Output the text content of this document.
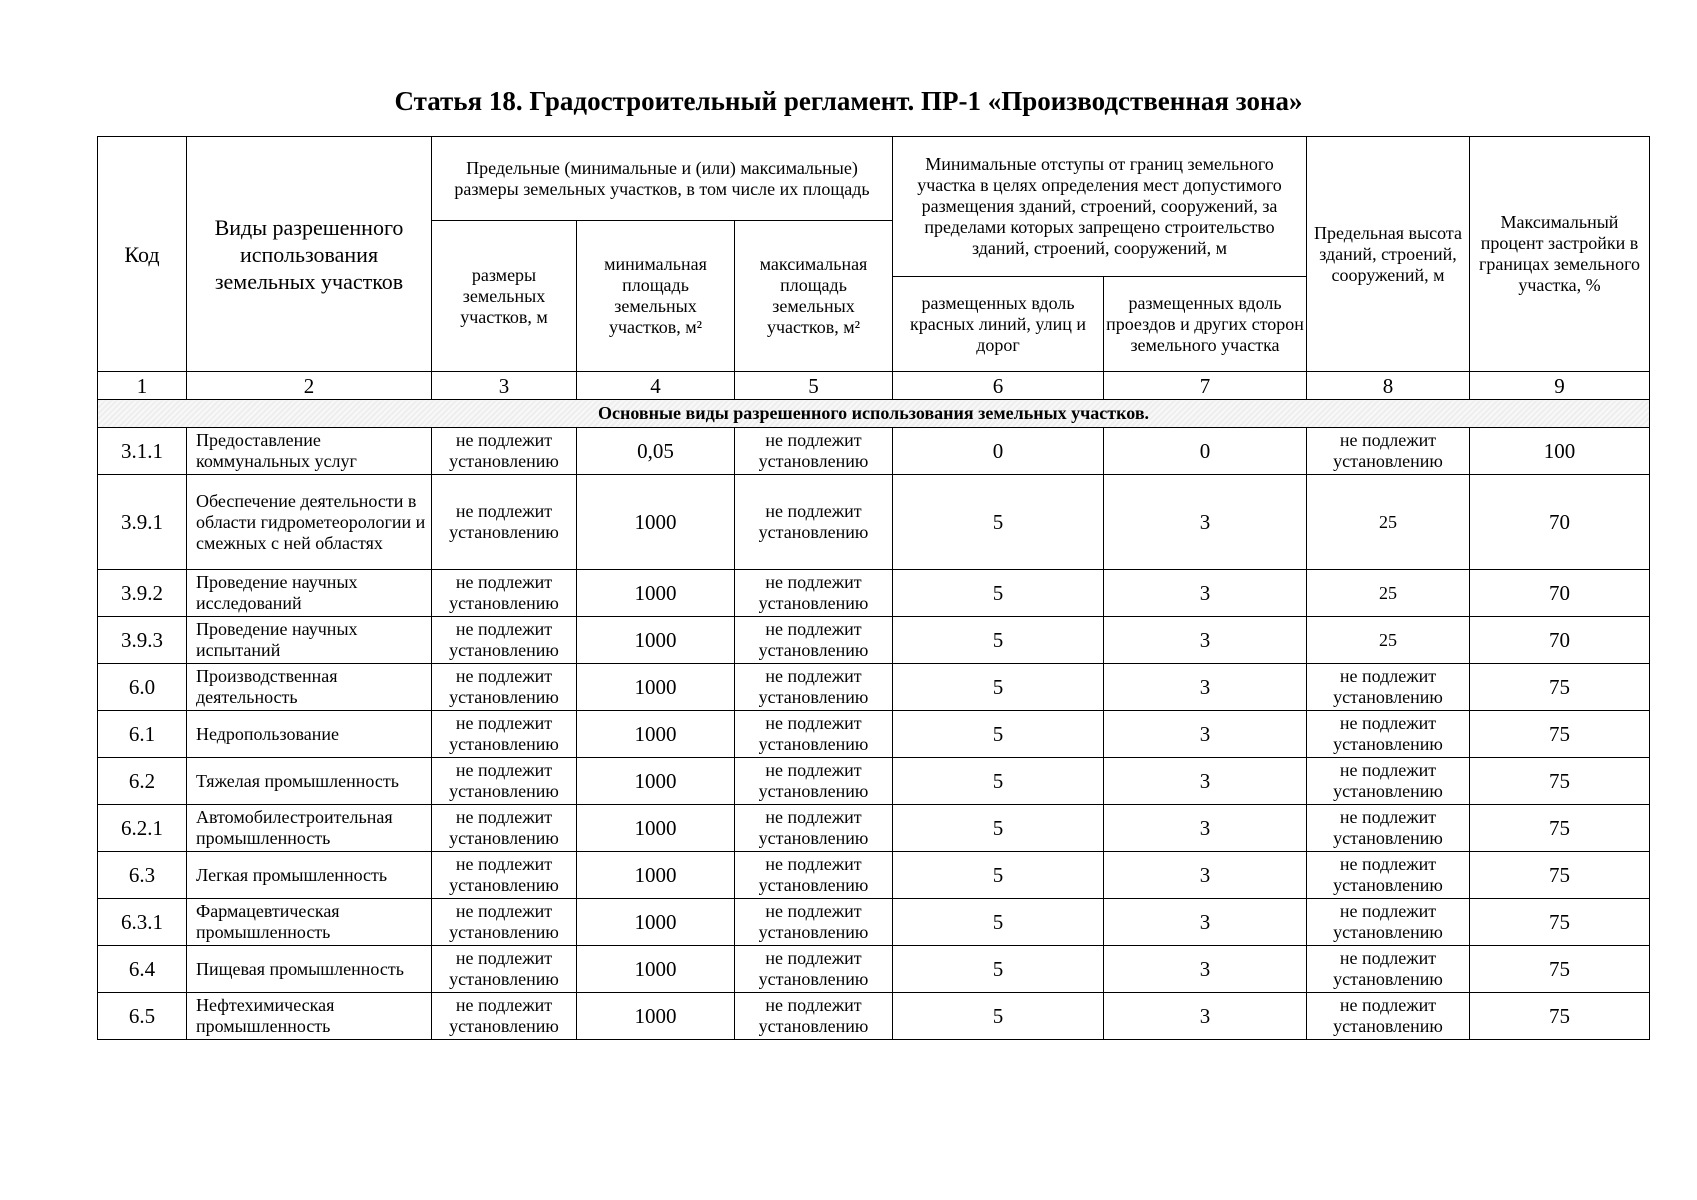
Статья 18. Градостроительный регламент. ПР-1 «Производственная зона»
Код	Виды разрешенного использования земельных участков	Предельные (минимальные и (или) максимальные) размеры земельных участков, в том числе их площадь			Минимальные отступы от границ земельного участка в целях определения мест допустимого размещения зданий, строений, сооружений, за пределами которых запрещено строительство зданий, строений, сооружений, м		Предельная высота зданий, строений, сооружений, м	Максимальный процент застройки в границах земельного участка, %
		размеры земельных участков, м	минимальная площадь земельных участков, м²	максимальная площадь земельных участков, м²				
					размещенных вдоль красных линий, улиц и дорог	размещенных вдоль проездов и других сторон земельного участка		
1	2	3	4	5	6	7	8	9
Основные виды разрешенного использования земельных участков.								
3.1.1	Предоставление коммунальных услуг	не подлежит установлению	0,05	не подлежит установлению	0	0	не подлежит установлению	100
3.9.1	Обеспечение деятельности в области гидрометеорологии и смежных с ней областях	не подлежит установлению	1000	не подлежит установлению	5	3	25	70
3.9.2	Проведение научных исследований	не подлежит установлению	1000	не подлежит установлению	5	3	25	70
3.9.3	Проведение научных испытаний	не подлежит установлению	1000	не подлежит установлению	5	3	25	70
6.0	Производственная деятельность	не подлежит установлению	1000	не подлежит установлению	5	3	не подлежит установлению	75
6.1	Недропользование	не подлежит установлению	1000	не подлежит установлению	5	3	не подлежит установлению	75
6.2	Тяжелая промышленность	не подлежит установлению	1000	не подлежит установлению	5	3	не подлежит установлению	75
6.2.1	Автомобилестроительная промышленность	не подлежит установлению	1000	не подлежит установлению	5	3	не подлежит установлению	75
6.3	Легкая промышленность	не подлежит установлению	1000	не подлежит установлению	5	3	не подлежит установлению	75
6.3.1	Фармацевтическая промышленность	не подлежит установлению	1000	не подлежит установлению	5	3	не подлежит установлению	75
6.4	Пищевая промышленность	не подлежит установлению	1000	не подлежит установлению	5	3	не подлежит установлению	75
6.5	Нефтехимическая промышленность	не подлежит установлению	1000	не подлежит установлению	5	3	не подлежит установлению	75
